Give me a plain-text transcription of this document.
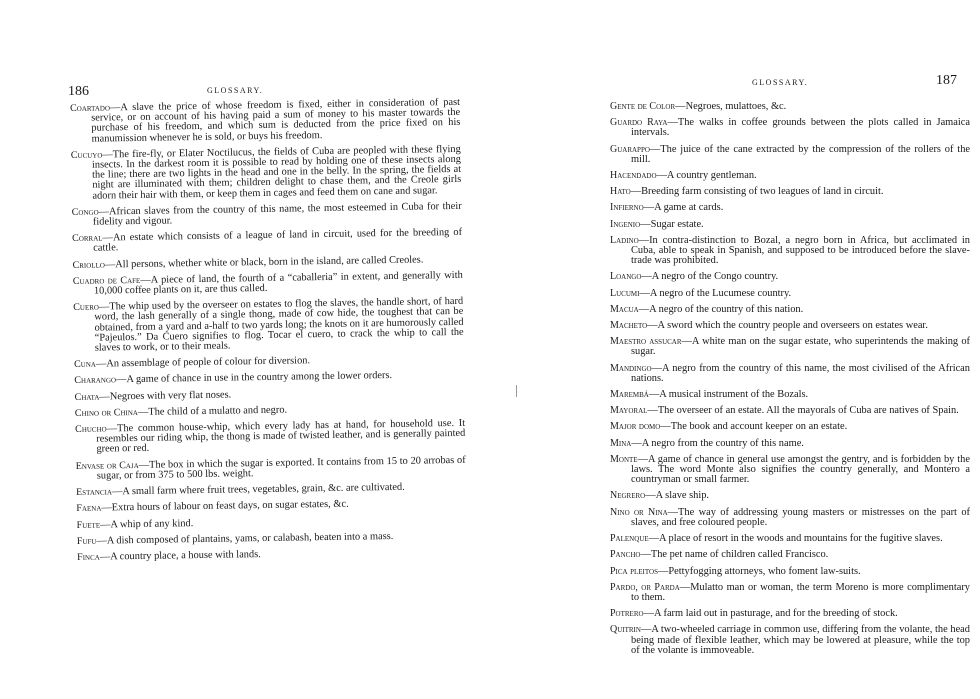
186	GLOSSARY.
Coartado—A slave the price of whose freedom is fixed, either in consideration of past service, or on account of his having paid a sum of money to his master towards the purchase of his freedom, and which sum is deducted from the price fixed on his manumission whenever he is sold, or buys his freedom.
Cucuyo—The fire-fly, or Elater Noctilucus, the fields of Cuba are peopled with these flying insects. In the darkest room it is possible to read by holding one of these insects along the line; there are two lights in the head and one in the belly. In the spring, the fields at night are illuminated with them; children delight to chase them, and the Creole girls adorn their hair with them, or keep them in cages and feed them on cane and sugar.
Congo—African slaves from the country of this name, the most esteemed in Cuba for their fidelity and vigour.
Corral—An estate which consists of a league of land in circuit, used for the breeding of cattle.
Criollo—All persons, whether white or black, born in the island, are called Creoles.
Cuadro de Cafe—A piece of land, the fourth of a “caballeria” in extent, and generally with 10,000 coffee plants on it, are thus called.
Cuero—The whip used by the overseer on estates to flog the slaves, the handle short, of hard word, the lash generally of a single thong, made of cow hide, the toughest that can be obtained, from a yard and a-half to two yards long; the knots on it are humorously called “Pajeulos.” Da Cuero signifies to flog. Tocar el cuero, to crack the whip to call the slaves to work, or to their meals.
Cuna—An assemblage of people of colour for diversion.
Charango—A game of chance in use in the country among the lower orders.
Chata—Negroes with very flat noses.
Chino or China—The child of a mulatto and negro.
Chucho—The common house-whip, which every lady has at hand, for household use. It resembles our riding whip, the thong is made of twisted leather, and is generally painted green or red.
Envase or Caja—The box in which the sugar is exported. It contains from 15 to 20 arrobas of sugar, or from 375 to 500 lbs. weight.
Estancia—A small farm where fruit trees, vegetables, grain, &c. are cultivated.
Faena—Extra hours of labour on feast days, on sugar estates, &c.
Fuete—A whip of any kind.
Fufu—A dish composed of plantains, yams, or calabash, beaten into a mass.
Finca—A country place, a house with lands.
GLOSSARY.	187
Gente de Color—Negroes, mulattoes, &c.
Guardo Raya—The walks in coffee grounds between the plots called in Jamaica intervals.
Guarappo—The juice of the cane extracted by the compression of the rollers of the mill.
Hacendado—A country gentleman.
Hato—Breeding farm consisting of two leagues of land in circuit.
Infierno—A game at cards.
Ingenio—Sugar estate.
Ladino—In contra-distinction to Bozal, a negro born in Africa, but acclimated in Cuba, able to speak in Spanish, and supposed to be introduced before the slave-trade was prohibited.
Loango—A negro of the Congo country.
Lucumi—A negro of the Lucumese country.
Macua—A negro of the country of this nation.
Macheto—A sword which the country people and overseers on estates wear.
Maestro assucar—A white man on the sugar estate, who superintends the making of sugar.
Mandingo—A negro from the country of this name, the most civilised of the African nations.
Marembá—A musical instrument of the Bozals.
Mayoral—The overseer of an estate. All the mayorals of Cuba are natives of Spain.
Major domo—The book and account keeper on an estate.
Mina—A negro from the country of this name.
Monte—A game of chance in general use amongst the gentry, and is forbidden by the laws. The word Monte also signifies the country generally, and Montero a countryman or small farmer.
Negrero—A slave ship.
Nino or Nina—The way of addressing young masters or mistresses on the part of slaves, and free coloured people.
Palenque—A place of resort in the woods and mountains for the fugitive slaves.
Pancho—The pet name of children called Francisco.
Pica pleitos—Pettyfogging attorneys, who foment law-suits.
Pardo, or Parda—Mulatto man or woman, the term Moreno is more complimentary to them.
Potrero—A farm laid out in pasturage, and for the breeding of stock.
Quitrin—A two-wheeled carriage in common use, differing from the volante, the head being made of flexible leather, which may be lowered at pleasure, while the top of the volante is immoveable.
